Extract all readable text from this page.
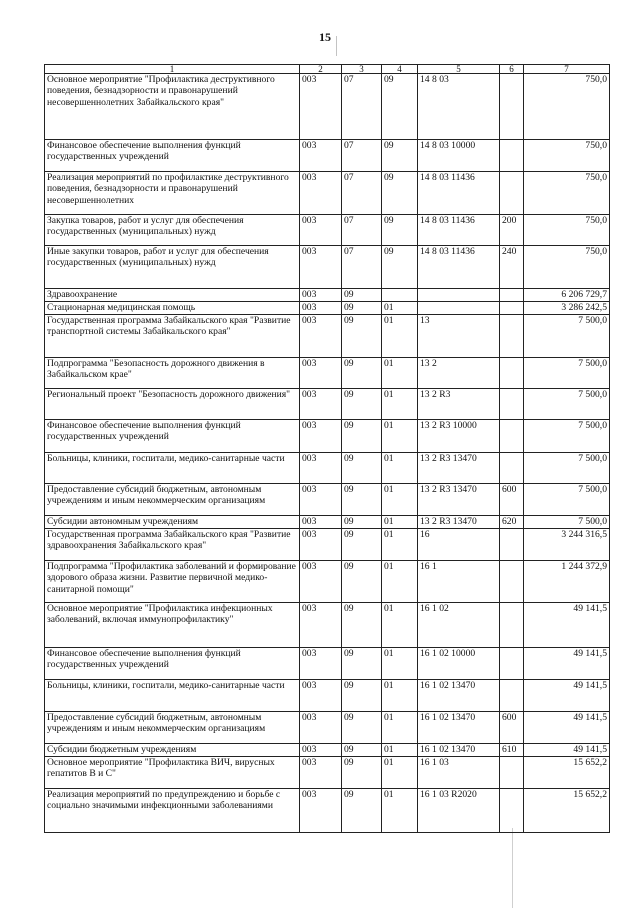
15
1	2	3	4	5	6	7
Основное мероприятие "Профилактика деструктивного поведения, безнадзорности и правонарушений несовершеннолетних Забайкальского края"	003	07	09	14 8 03		750,0
Финансовое обеспечение выполнения функций государственных учреждений	003	07	09	14 8 03 10000		750,0
Реализация мероприятий по профилактике деструктивного поведения, безнадзорности и правонарушений несовершеннолетних	003	07	09	14 8 03 11436		750,0
Закупка товаров, работ и услуг для обеспечения государственных (муниципальных) нужд	003	07	09	14 8 03 11436	200	750,0
Иные закупки товаров, работ и услуг для обеспечения государственных (муниципальных) нужд	003	07	09	14 8 03 11436	240	750,0
Здравоохранение	003	09				6 206 729,7
Стационарная медицинская помощь	003	09	01			3 286 242,5
Государственная программа Забайкальского края "Развитие транспортной системы Забайкальского края"	003	09	01	13		7 500,0
Подпрограмма "Безопасность дорожного движения в Забайкальском крае"	003	09	01	13 2		7 500,0
Региональный проект "Безопасность дорожного движения"	003	09	01	13 2 R3		7 500,0
Финансовое обеспечение выполнения функций государственных учреждений	003	09	01	13 2 R3 10000		7 500,0
Больницы, клиники, госпитали, медико-санитарные части	003	09	01	13 2 R3 13470		7 500,0
Предоставление субсидий бюджетным, автономным учреждениям и иным некоммерческим организациям	003	09	01	13 2 R3 13470	600	7 500,0
Субсидии автономным учреждениям	003	09	01	13 2 R3 13470	620	7 500,0
Государственная программа Забайкальского края "Развитие здравоохранения Забайкальского края"	003	09	01	16		3 244 316,5
Подпрограмма "Профилактика заболеваний и формирование здорового образа жизни. Развитие первичной медико-санитарной помощи"	003	09	01	16 1		1 244 372,9
Основное мероприятие "Профилактика инфекционных заболеваний, включая иммунопрофилактику"	003	09	01	16 1 02		49 141,5
Финансовое обеспечение выполнения функций государственных учреждений	003	09	01	16 1 02 10000		49 141,5
Больницы, клиники, госпитали, медико-санитарные части	003	09	01	16 1 02 13470		49 141,5
Предоставление субсидий бюджетным, автономным учреждениям и иным некоммерческим организациям	003	09	01	16 1 02 13470	600	49 141,5
Субсидии бюджетным учреждениям	003	09	01	16 1 02 13470	610	49 141,5
Основное мероприятие "Профилактика ВИЧ, вирусных гепатитов В и С"	003	09	01	16 1 03		15 652,2
Реализация мероприятий по предупреждению и борьбе с социально значимыми инфекционными заболеваниями	003	09	01	16 1 03 R2020		15 652,2
